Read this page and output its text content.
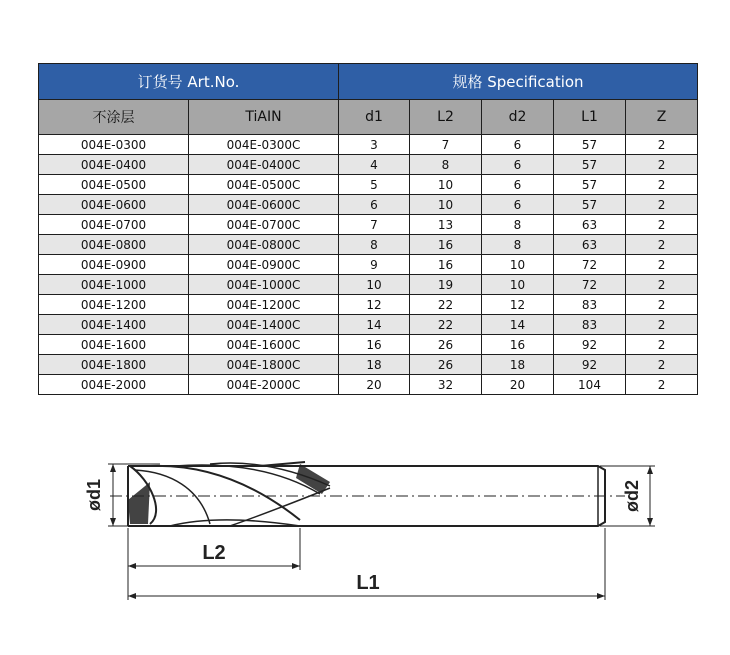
订货号 Art.No.		规格 Specification				
不涂层	TiAIN	d1	L2	d2	L1	Z
004E-0300	004E-0300C	3	7	6	57	2
004E-0400	004E-0400C	4	8	6	57	2
004E-0500	004E-0500C	5	10	6	57	2
004E-0600	004E-0600C	6	10	6	57	2
004E-0700	004E-0700C	7	13	8	63	2
004E-0800	004E-0800C	8	16	8	63	2
004E-0900	004E-0900C	9	16	10	72	2
004E-1000	004E-1000C	10	19	10	72	2
004E-1200	004E-1200C	12	22	12	83	2
004E-1400	004E-1400C	14	22	14	83	2
004E-1600	004E-1600C	16	26	16	92	2
004E-1800	004E-1800C	18	26	18	92	2
004E-2000	004E-2000C	20	32	20	104	2
ød1	ød2
L2
L1
